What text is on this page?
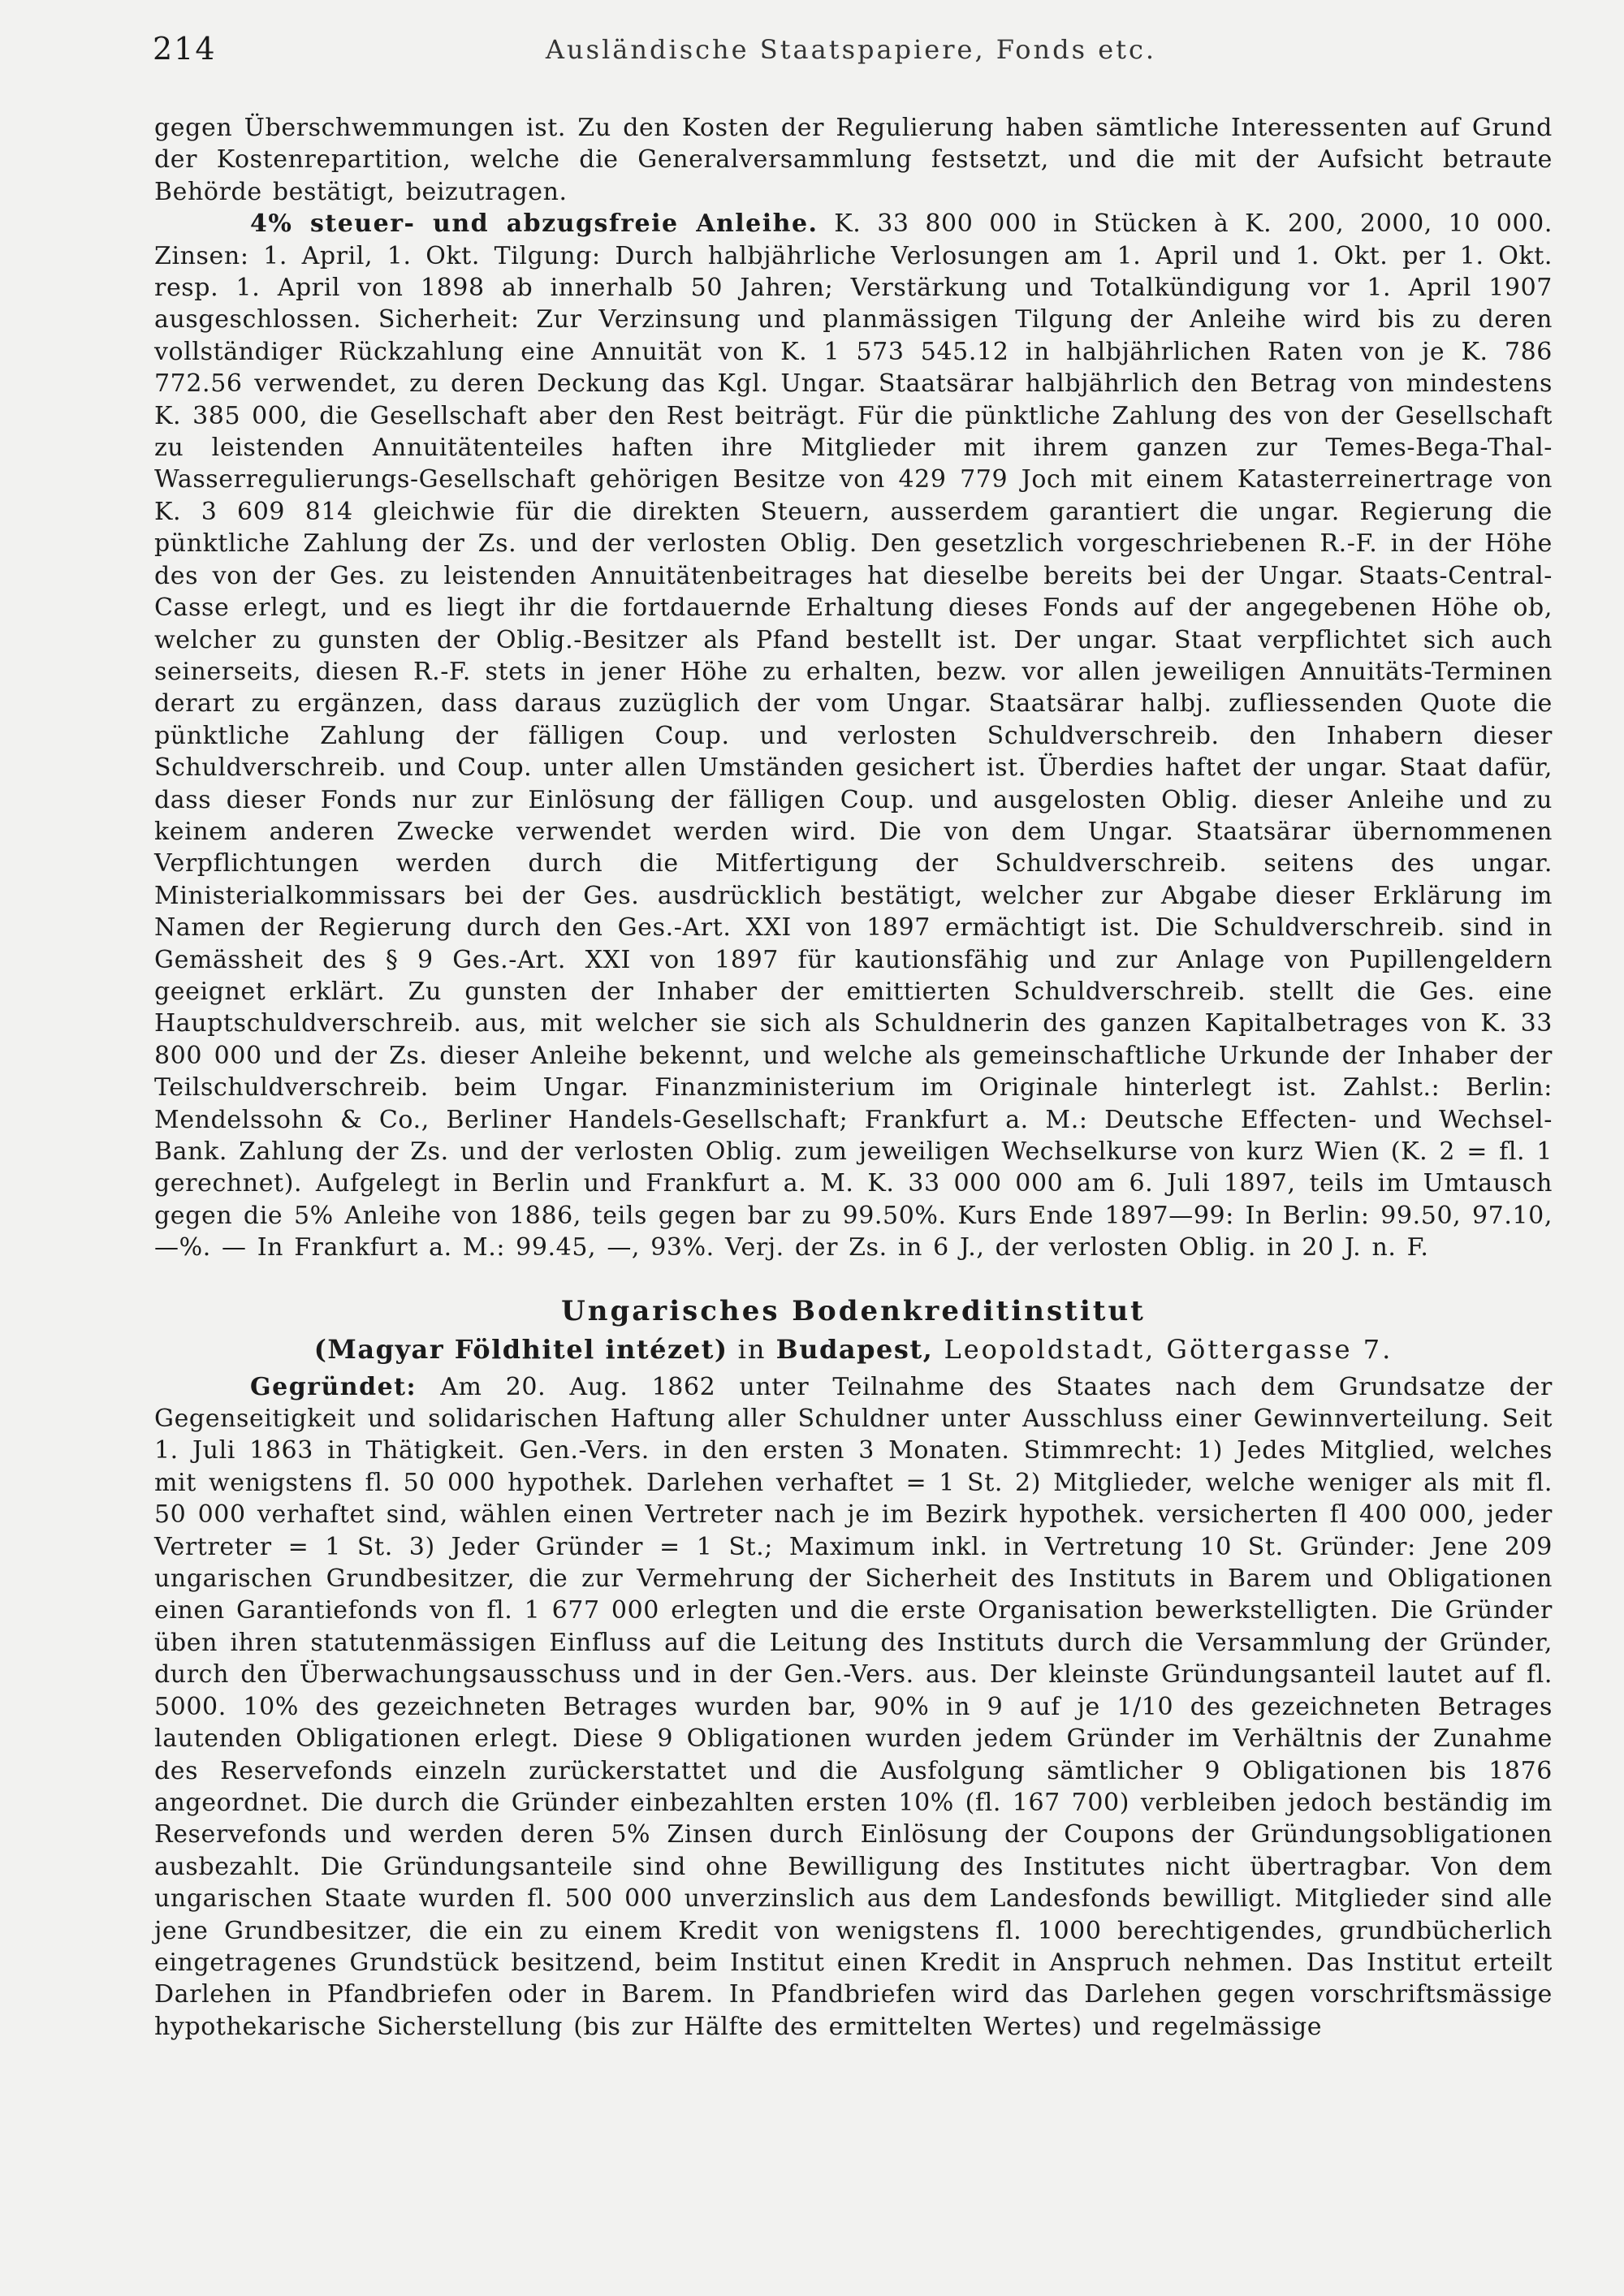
214	Ausländische Staatspapiere, Fonds etc.

gegen Überschwemmungen ist. Zu den Kosten der Regulierung haben sämtliche Interessenten auf Grund der Kostenrepartition, welche die Generalversammlung festsetzt, und die mit der Aufsicht betraute Behörde bestätigt, beizutragen.

4% steuer- und abzugsfreie Anleihe. K. 33 800 000 in Stücken à K. 200, 2000, 10 000. Zinsen: 1. April, 1. Okt. Tilgung: Durch halbjährliche Verlosungen am 1. April und 1. Okt. per 1. Okt. resp. 1. April von 1898 ab innerhalb 50 Jahren; Verstärkung und Totalkündigung vor 1. April 1907 ausgeschlossen. Sicherheit: Zur Verzinsung und planmässigen Tilgung der Anleihe wird bis zu deren vollständiger Rückzahlung eine Annuität von K. 1 573 545.12 in halbjährlichen Raten von je K. 786 772.56 verwendet, zu deren Deckung das Kgl. Ungar. Staatsärar halbjährlich den Betrag von mindestens K. 385 000, die Gesellschaft aber den Rest beiträgt. Für die pünktliche Zahlung des von der Gesellschaft zu leistenden Annuitätenteiles haften ihre Mitglieder mit ihrem ganzen zur Temes-Bega-Thal-Wasserregulierungs-Gesellschaft gehörigen Besitze von 429 779 Joch mit einem Katasterreinertrage von K. 3 609 814 gleichwie für die direkten Steuern, ausserdem garantiert die ungar. Regierung die pünktliche Zahlung der Zs. und der verlosten Oblig. Den gesetzlich vorgeschriebenen R.-F. in der Höhe des von der Ges. zu leistenden Annuitätenbeitrages hat dieselbe bereits bei der Ungar. Staats-Central-Casse erlegt, und es liegt ihr die fortdauernde Erhaltung dieses Fonds auf der angegebenen Höhe ob, welcher zu gunsten der Oblig.-Besitzer als Pfand bestellt ist. Der ungar. Staat verpflichtet sich auch seinerseits, diesen R.-F. stets in jener Höhe zu erhalten, bezw. vor allen jeweiligen Annuitäts-Terminen derart zu ergänzen, dass daraus zuzüglich der vom Ungar. Staatsärar halbj. zufliessenden Quote die pünktliche Zahlung der fälligen Coup. und verlosten Schuldverschreib. den Inhabern dieser Schuldverschreib. und Coup. unter allen Umständen gesichert ist. Überdies haftet der ungar. Staat dafür, dass dieser Fonds nur zur Einlösung der fälligen Coup. und ausgelosten Oblig. dieser Anleihe und zu keinem anderen Zwecke verwendet werden wird. Die von dem Ungar. Staatsärar übernommenen Verpflichtungen werden durch die Mitfertigung der Schuldverschreib. seitens des ungar. Ministerialkommissars bei der Ges. ausdrücklich bestätigt, welcher zur Abgabe dieser Erklärung im Namen der Regierung durch den Ges.-Art. XXI von 1897 ermächtigt ist. Die Schuldverschreib. sind in Gemässheit des § 9 Ges.-Art. XXI von 1897 für kautionsfähig und zur Anlage von Pupillengeldern geeignet erklärt. Zu gunsten der Inhaber der emittierten Schuldverschreib. stellt die Ges. eine Hauptschuldverschreib. aus, mit welcher sie sich als Schuldnerin des ganzen Kapitalbetrages von K. 33 800 000 und der Zs. dieser Anleihe bekennt, und welche als gemeinschaftliche Urkunde der Inhaber der Teilschuldverschreib. beim Ungar. Finanzministerium im Originale hinterlegt ist. Zahlst.: Berlin: Mendelssohn & Co., Berliner Handels-Gesellschaft; Frankfurt a. M.: Deutsche Effecten- und Wechsel-Bank. Zahlung der Zs. und der verlosten Oblig. zum jeweiligen Wechselkurse von kurz Wien (K. 2 = fl. 1 gerechnet). Aufgelegt in Berlin und Frankfurt a. M. K. 33 000 000 am 6. Juli 1897, teils im Umtausch gegen die 5% Anleihe von 1886, teils gegen bar zu 99.50%. Kurs Ende 1897—99: In Berlin: 99.50, 97.10, —%. — In Frankfurt a. M.: 99.45, —, 93%. Verj. der Zs. in 6 J., der verlosten Oblig. in 20 J. n. F.

Ungarisches Bodenkreditinstitut
(Magyar Földhitel intézet) in Budapest, Leopoldstadt, Göttergasse 7.

Gegründet: Am 20. Aug. 1862 unter Teilnahme des Staates nach dem Grundsatze der Gegenseitigkeit und solidarischen Haftung aller Schuldner unter Ausschluss einer Gewinnverteilung. Seit 1. Juli 1863 in Thätigkeit. Gen.-Vers. in den ersten 3 Monaten. Stimmrecht: 1) Jedes Mitglied, welches mit wenigstens fl. 50 000 hypothek. Darlehen verhaftet = 1 St. 2) Mitglieder, welche weniger als mit fl. 50 000 verhaftet sind, wählen einen Vertreter nach je im Bezirk hypothek. versicherten fl 400 000, jeder Vertreter = 1 St. 3) Jeder Gründer = 1 St.; Maximum inkl. in Vertretung 10 St. Gründer: Jene 209 ungarischen Grundbesitzer, die zur Vermehrung der Sicherheit des Instituts in Barem und Obligationen einen Garantiefonds von fl. 1 677 000 erlegten und die erste Organisation bewerkstelligten. Die Gründer üben ihren statutenmässigen Einfluss auf die Leitung des Instituts durch die Versammlung der Gründer, durch den Überwachungsausschuss und in der Gen.-Vers. aus. Der kleinste Gründungsanteil lautet auf fl. 5000. 10% des gezeichneten Betrages wurden bar, 90% in 9 auf je 1/10 des gezeichneten Betrages lautenden Obligationen erlegt. Diese 9 Obligationen wurden jedem Gründer im Verhältnis der Zunahme des Reservefonds einzeln zurückerstattet und die Ausfolgung sämtlicher 9 Obligationen bis 1876 angeordnet. Die durch die Gründer einbezahlten ersten 10% (fl. 167 700) verbleiben jedoch beständig im Reservefonds und werden deren 5% Zinsen durch Einlösung der Coupons der Gründungsobligationen ausbezahlt. Die Gründungsanteile sind ohne Bewilligung des Institutes nicht übertragbar. Von dem ungarischen Staate wurden fl. 500 000 unverzinslich aus dem Landesfonds bewilligt. Mitglieder sind alle jene Grundbesitzer, die ein zu einem Kredit von wenigstens fl. 1000 berechtigendes, grundbücherlich eingetragenes Grundstück besitzend, beim Institut einen Kredit in Anspruch nehmen. Das Institut erteilt Darlehen in Pfandbriefen oder in Barem. In Pfandbriefen wird das Darlehen gegen vorschriftsmässige hypothekarische Sicherstellung (bis zur Hälfte des ermittelten Wertes) und regelmässige
